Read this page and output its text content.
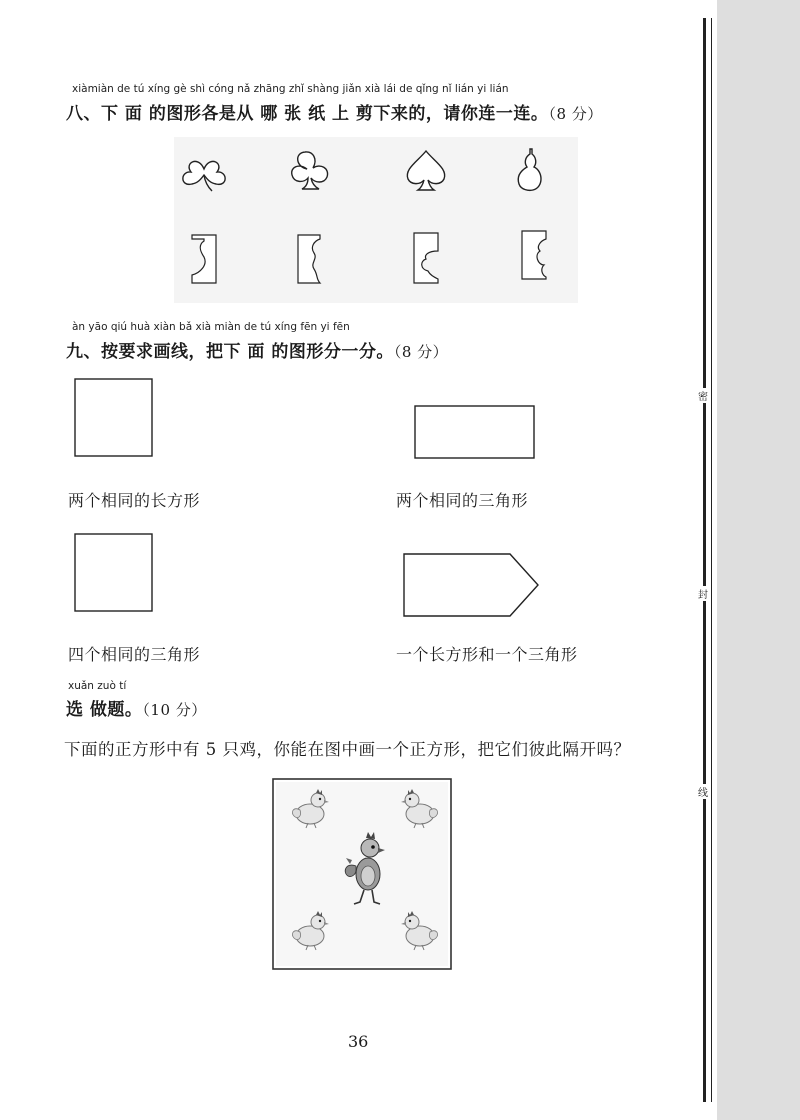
密
封
线
xiàmiàn de tú xíng gè shì cóng nǎ zhāng zhǐ shàng jiǎn xià lái de qǐng nǐ lián yi lián
八、下 面 的图形各是从 哪 张 纸 上 剪下来的，请你连一连。（8 分）
àn yāo qiú huà xiàn bǎ xià miàn de tú xíng fēn yi fēn
九、按要求画线，把下 面 的图形分一分。（8 分）
两个相同的长方形	两个相同的三角形
四个相同的三角形	一个长方形和一个三角形
xuǎn zuò tí
选 做题。（10 分）
下面的正方形中有 5 只鸡，你能在图中画一个正方形，把它们彼此隔开吗？
36
